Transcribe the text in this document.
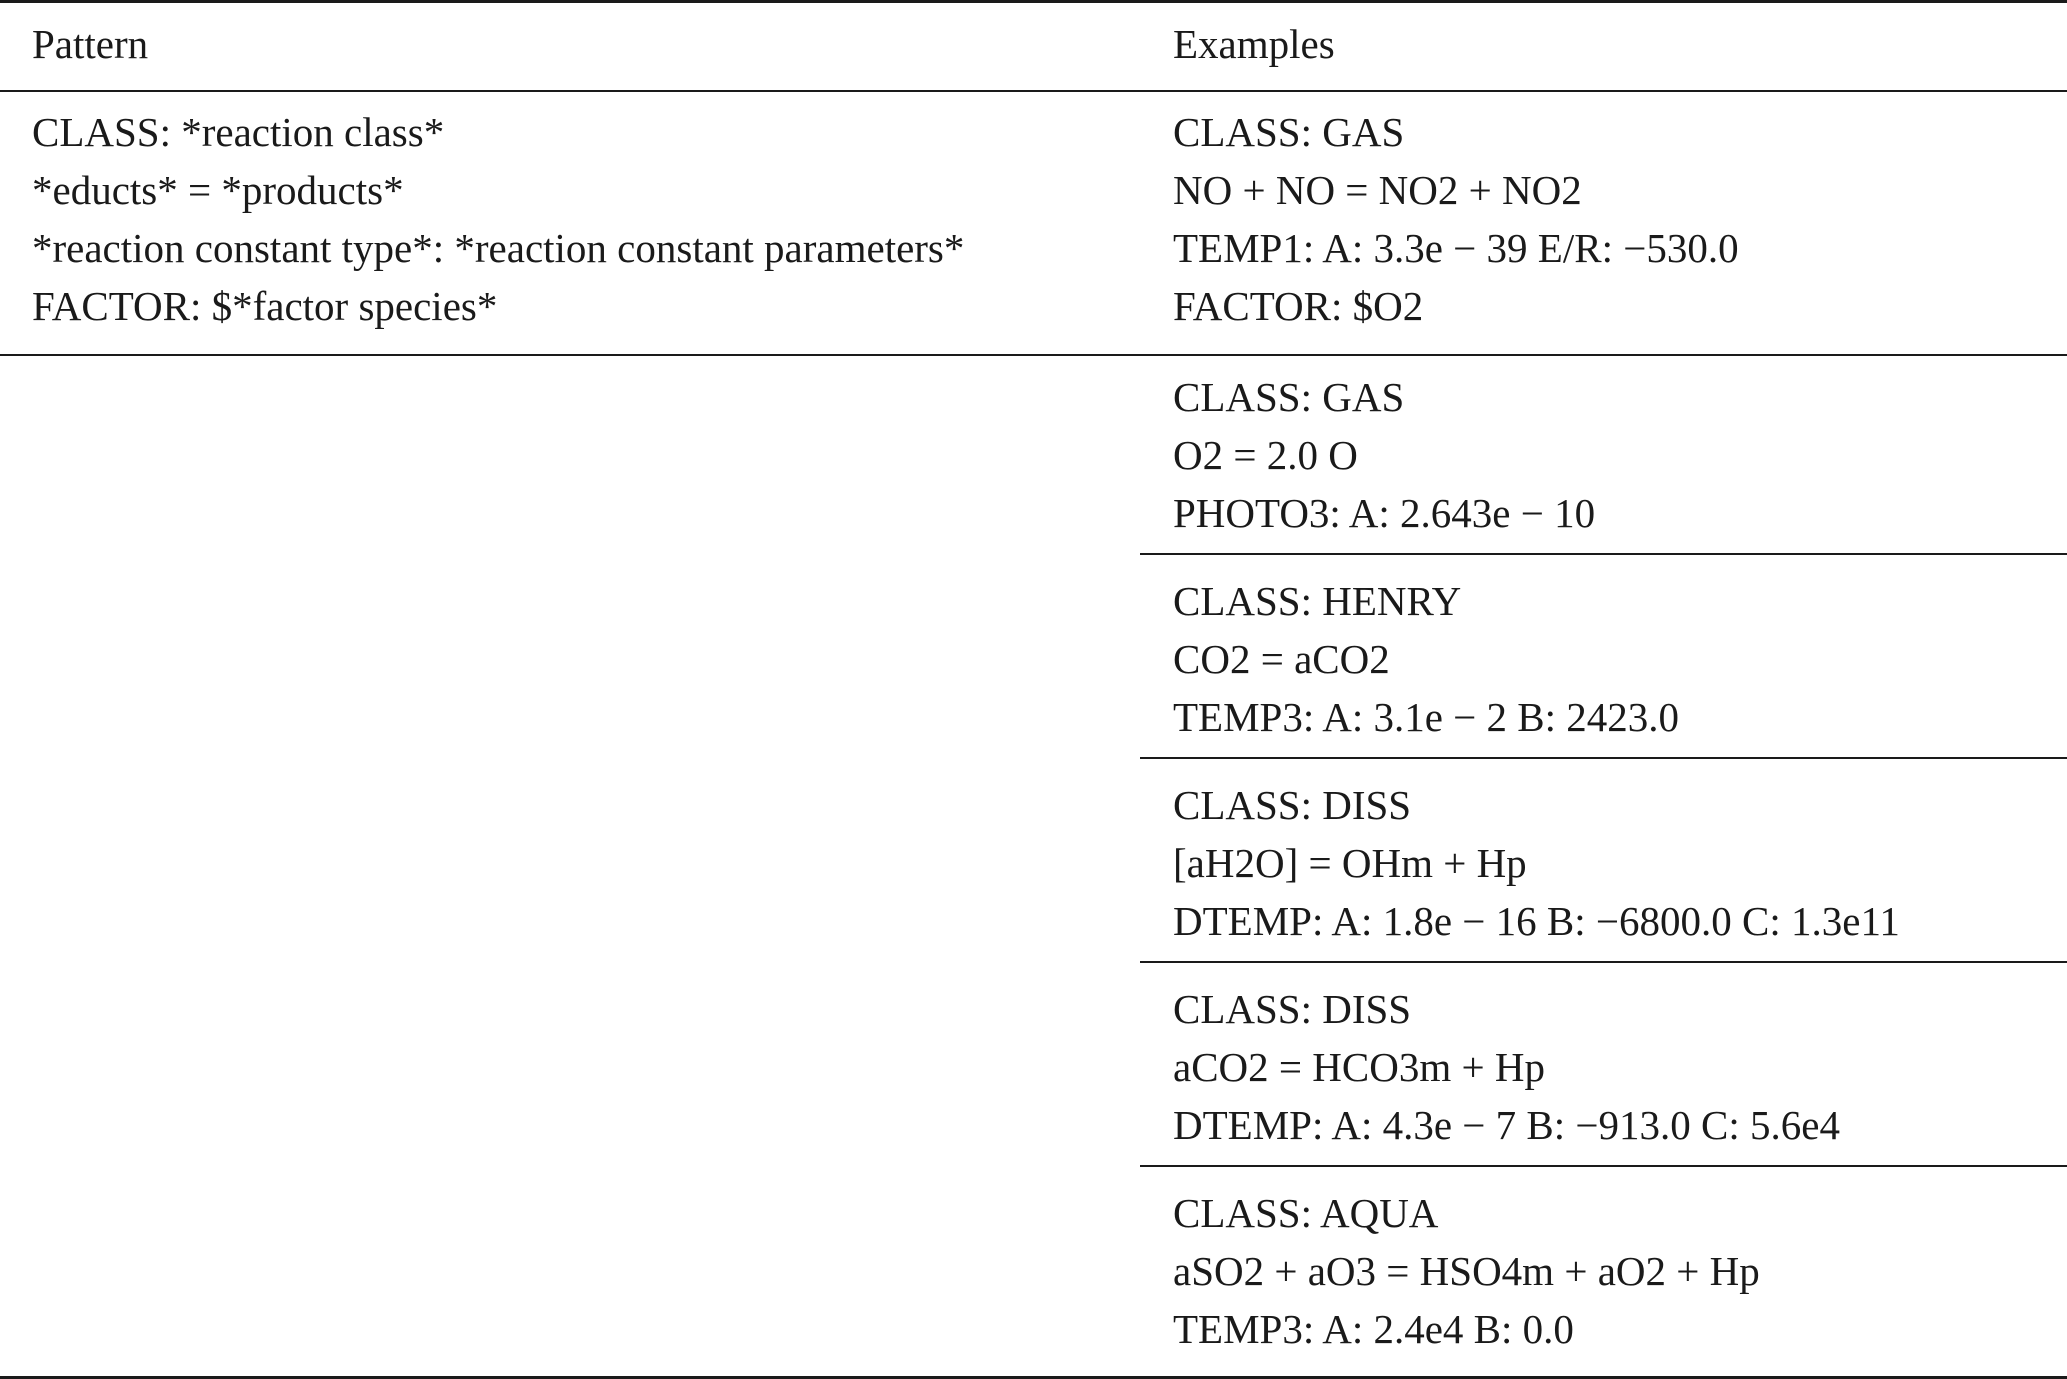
Pattern	Examples
CLASS: *reaction class*
*educts* = *products*
*reaction constant type*: *reaction constant parameters*
FACTOR: $*factor species*
CLASS: GAS
NO + NO = NO2 + NO2
TEMP1: A: 3.3e − 39 E/R: −530.0
FACTOR: $O2
CLASS: GAS
O2 = 2.0 O
PHOTO3: A: 2.643e − 10
CLASS: HENRY
CO2 = aCO2
TEMP3: A: 3.1e − 2 B: 2423.0
CLASS: DISS
[aH2O] = OHm + Hp
DTEMP: A: 1.8e − 16 B: −6800.0 C: 1.3e11
CLASS: DISS
aCO2 = HCO3m + Hp
DTEMP: A: 4.3e − 7 B: −913.0 C: 5.6e4
CLASS: AQUA
aSO2 + aO3 = HSO4m + aO2 + Hp
TEMP3: A: 2.4e4 B: 0.0
